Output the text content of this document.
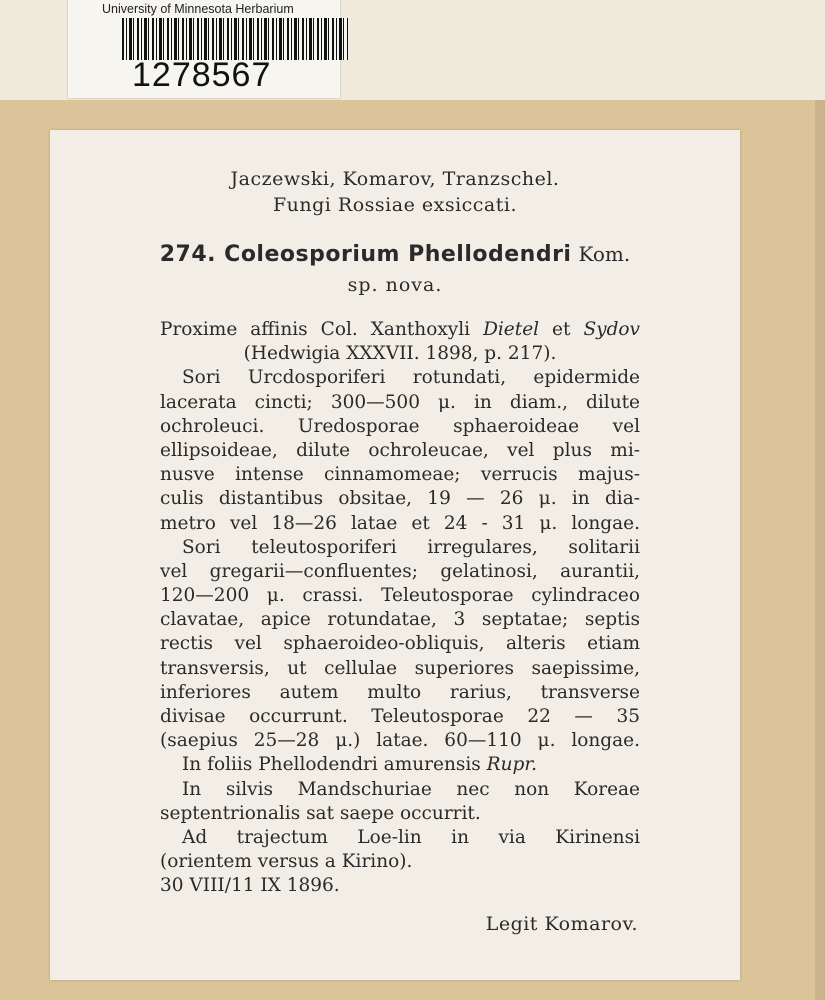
University of Minnesota Herbarium
1278567
Jaczewski, Komarov, Tranzschel.
Fungi Rossiae exsiccati.
274. Coleosporium Phellodendri Kom.
sp. nova.
Proxime affinis Col. Xanthoxyli Dietel et Sydov
(Hedwigia XXXVII. 1898, p. 217).
Sori Urcdosporiferi rotundati, epidermide
lacerata cincti; 300—500 μ. in diam., dilute
ochroleuci. Uredosporae sphaeroideae vel
ellipsoideae, dilute ochroleucae, vel plus mi-
nusve intense cinnamomeae; verrucis majus-
culis distantibus obsitae, 19 — 26 μ. in dia-
metro vel 18—26 latae et 24 - 31 μ. longae.
Sori teleutosporiferi irregulares, solitarii
vel gregarii—confluentes; gelatinosi, aurantii,
120—200 μ. crassi. Teleutosporae cylindraceo
clavatae, apice rotundatae, 3 septatae; septis
rectis vel sphaeroideo-obliquis, alteris etiam
transversis, ut cellulae superiores saepissime,
inferiores autem multo rarius, transverse
divisae occurrunt. Teleutosporae 22 — 35
(saepius 25—28 μ.) latae. 60—110 μ. longae.
In foliis Phellodendri amurensis Rupr.
In silvis Mandschuriae nec non Koreae
septentrionalis sat saepe occurrit.
Ad trajectum Loe-lin in via Kirinensi
(orientem versus a Kirino).
30 VIII/11 IX 1896.
Legit Komarov.
